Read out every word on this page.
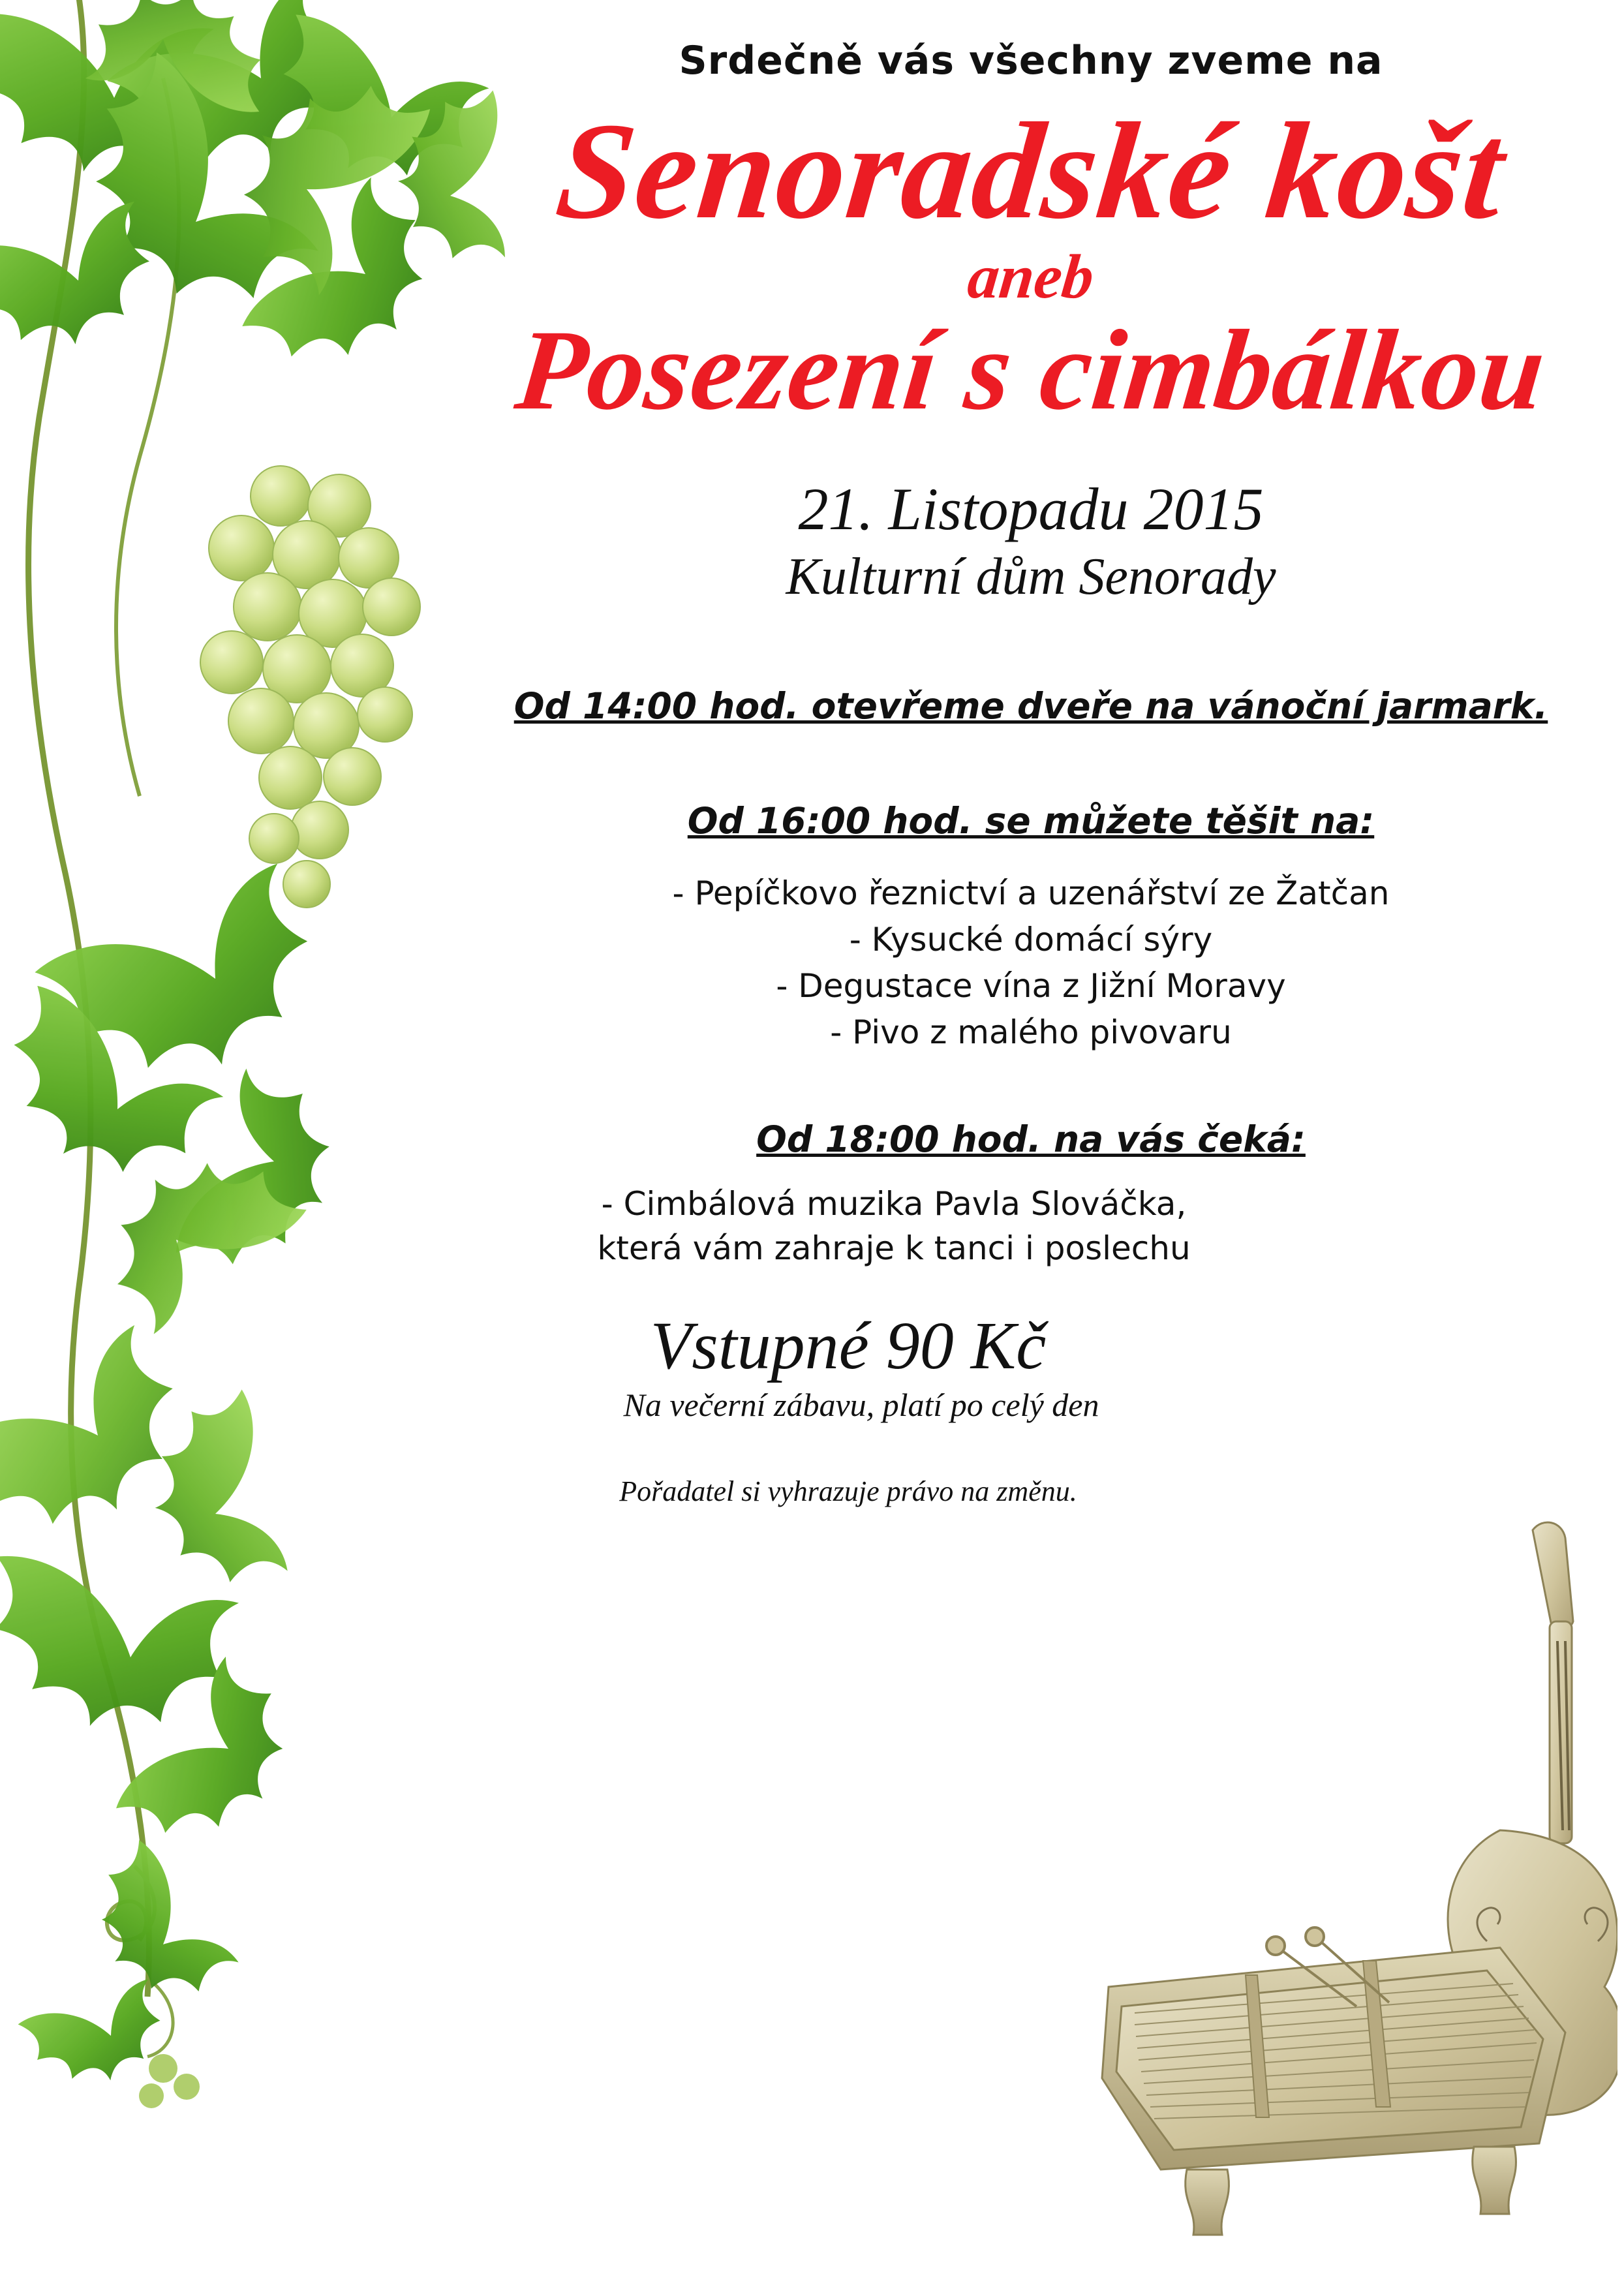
Srdečně vás všechny zveme na
Senoradské košt
aneb
Posezení s cimbálkou
21. Listopadu 2015
Kulturní dům Senorady
Od 14:00 hod. otevřeme dveře na vánoční jarmark.
Od 16:00 hod. se můžete těšit na:
- Pepíčkovo řeznictví a uzenářství ze Žatčan
- Kysucké domácí sýry
- Degustace vína z Jižní Moravy
- Pivo z malého pivovaru
Od 18:00 hod. na vás čeká:
- Cimbálová muzika Pavla Slováčka,
která vám zahraje k tanci i poslechu
Vstupné 90 Kč
Na večerní zábavu, platí po celý den
Pořadatel si vyhrazuje právo na změnu.
